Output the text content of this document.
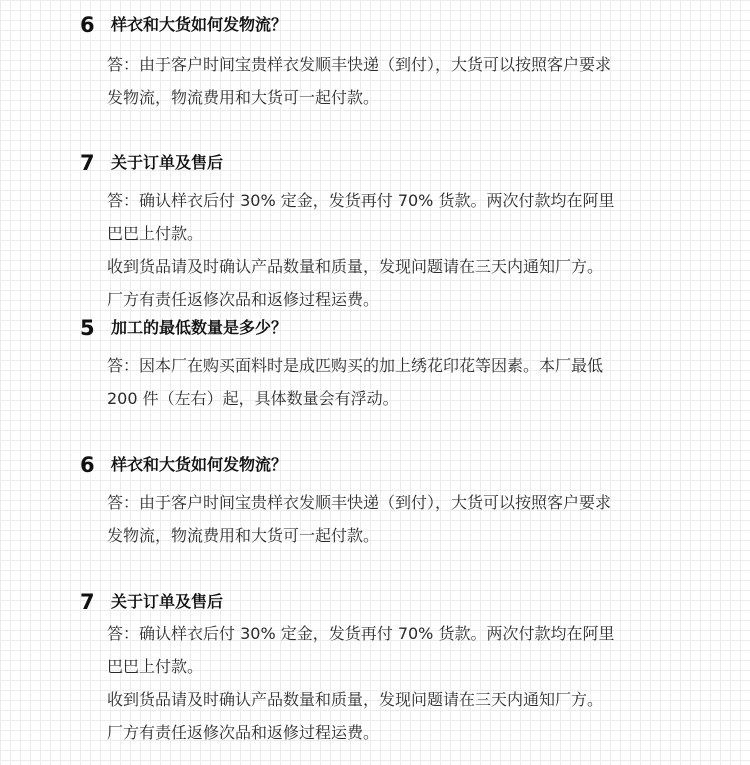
6 样衣和大货如何发物流？

答：由于客户时间宝贵样衣发顺丰快递（到付），大货可以按照客户要求

发物流，物流费用和大货可一起付款。

7 关于订单及售后

答：确认样衣后付 30% 定金，发货再付 70% 货款。两次付款均在阿里

巴巴上付款。

收到货品请及时确认产品数量和质量，发现问题请在三天内通知厂方。

厂方有责任返修次品和返修过程运费。

5 加工的最低数量是多少？

答：因本厂在购买面料时是成匹购买的加上绣花印花等因素。本厂最低

200 件（左右）起，具体数量会有浮动。

6 样衣和大货如何发物流？

答：由于客户时间宝贵样衣发顺丰快递（到付），大货可以按照客户要求

发物流，物流费用和大货可一起付款。

7 关于订单及售后

答：确认样衣后付 30% 定金，发货再付 70% 货款。两次付款均在阿里

巴巴上付款。

收到货品请及时确认产品数量和质量，发现问题请在三天内通知厂方。

厂方有责任返修次品和返修过程运费。
